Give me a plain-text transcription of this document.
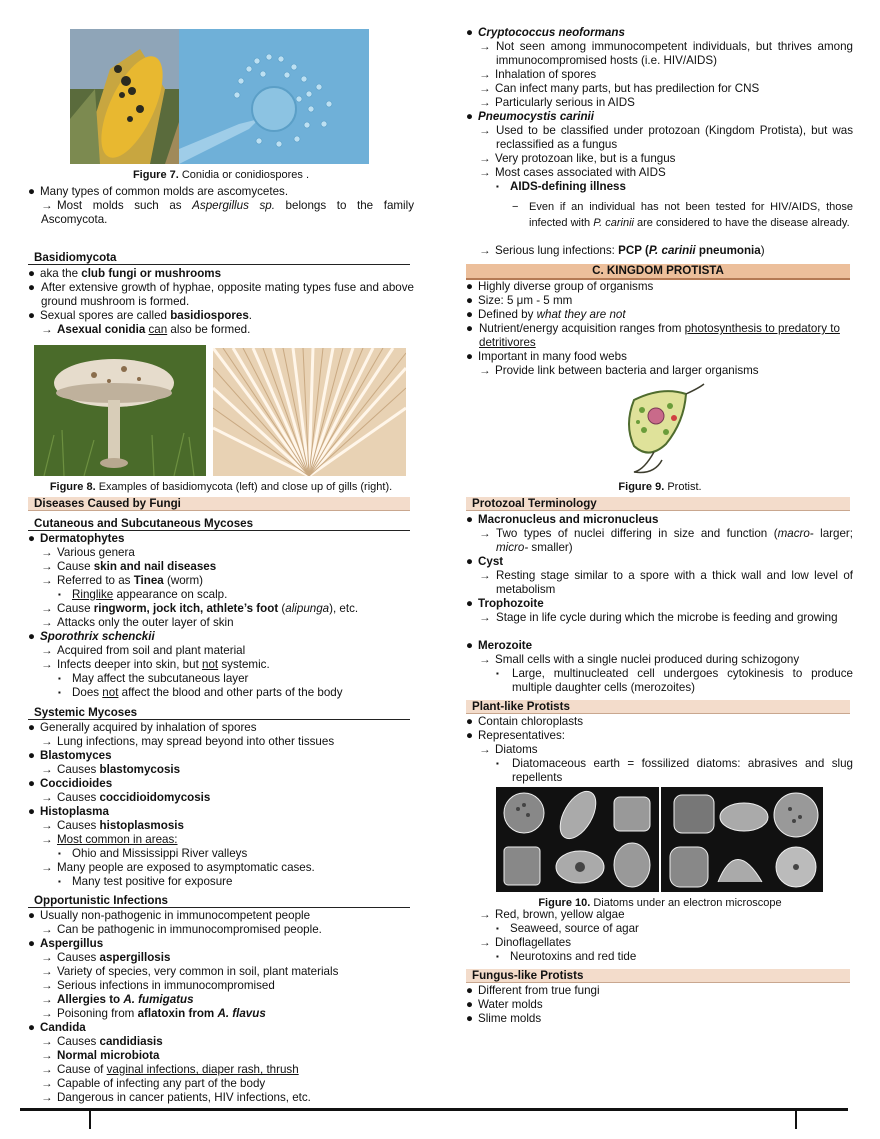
Figure 7. Conidia or conidiospores .
● Many types of common molds are ascomycetes.
→ Most molds such as Aspergillus sp. belongs to the family Ascomycota.
Basidiomycota
● aka the club fungi or mushrooms
● After extensive growth of hyphae, opposite mating types fuse and above ground mushroom is formed.
● Sexual spores are called basidiospores.
→ Asexual conidia can also be formed.
Figure 8. Examples of basidiomycota (left) and close up of gills (right).
Diseases Caused by Fungi
Cutaneous and Subcutaneous Mycoses
● Dermatophytes
→ Various genera
→ Cause skin and nail diseases
→ Referred to as Tinea (worm)
▪ Ringlike appearance on scalp.
→ Cause ringworm, jock itch, athlete’s foot (alipunga), etc.
→ Attacks only the outer layer of skin
● Sporothrix schenckii
→ Acquired from soil and plant material
→ Infects deeper into skin, but not systemic.
▪ May affect the subcutaneous layer
▪ Does not affect the blood and other parts of the body
Systemic Mycoses
● Generally acquired by inhalation of spores
→ Lung infections, may spread beyond into other tissues
● Blastomyces
→ Causes blastomycosis
● Coccidioides
→ Causes coccidioidomycosis
● Histoplasma
→ Causes histoplasmosis
→ Most common in areas:
▪ Ohio and Mississippi River valleys
→ Many people are exposed to asymptomatic cases.
▪ Many test positive for exposure
Opportunistic Infections
● Usually non-pathogenic in immunocompetent people
→ Can be pathogenic in immunocompromised people.
● Aspergillus
→ Causes aspergillosis
→ Variety of species, very common in soil, plant materials
→ Serious infections in immunocompromised
→ Allergies to A. fumigatus
→ Poisoning from aflatoxin from A. flavus
● Candida
→ Causes candidiasis
→ Normal microbiota
→ Cause of vaginal infections, diaper rash, thrush
→ Capable of infecting any part of the body
→ Dangerous in cancer patients, HIV infections, etc.
● Cryptococcus neoformans
→ Not seen among immunocompetent individuals, but thrives among immunocompromised hosts (i.e. HIV/AIDS)
→ Inhalation of spores
→ Can infect many parts, but has predilection for CNS
→ Particularly serious in AIDS
● Pneumocystis carinii
→ Used to be classified under protozoan (Kingdom Protista), but was reclassified as a fungus
→ Very protozoan like, but is a fungus
→ Most cases associated with AIDS
▪ AIDS-defining illness
− Even if an individual has not been tested for HIV/AIDS, those infected with P. carinii are considered to have the disease already.
→ Serious lung infections: PCP (P. carinii pneumonia)
C. KINGDOM PROTISTA
● Highly diverse group of organisms
● Size: 5 μm - 5 mm
● Defined by what they are not
● Nutrient/energy acquisition ranges from photosynthesis to predatory to detritivores
● Important in many food webs
→ Provide link between bacteria and larger organisms
Figure 9. Protist.
Protozoal Terminology
● Macronucleus and micronucleus
→ Two types of nuclei differing in size and function (macro- larger; micro- smaller)
● Cyst
→ Resting stage similar to a spore with a thick wall and low level of metabolism
● Trophozoite
→ Stage in life cycle during which the microbe is feeding and growing
● Merozoite
→ Small cells with a single nuclei produced during schizogony
▪	Large, multinucleated cell undergoes cytokinesis to produce multiple daughter cells (merozoites)
Plant-like Protists
● Contain chloroplasts
● Representatives:
→ Diatoms
▪	Diatomaceous earth = fossilized diatoms: abrasives and slug repellents
Figure 10. Diatoms under an electron microscope
→ Red, brown, yellow algae
▪ Seaweed, source of agar
→ Dinoflagellates
▪ Neurotoxins and red tide
Fungus-like Protists
● Different from true fungi
● Water molds
● Slime molds
